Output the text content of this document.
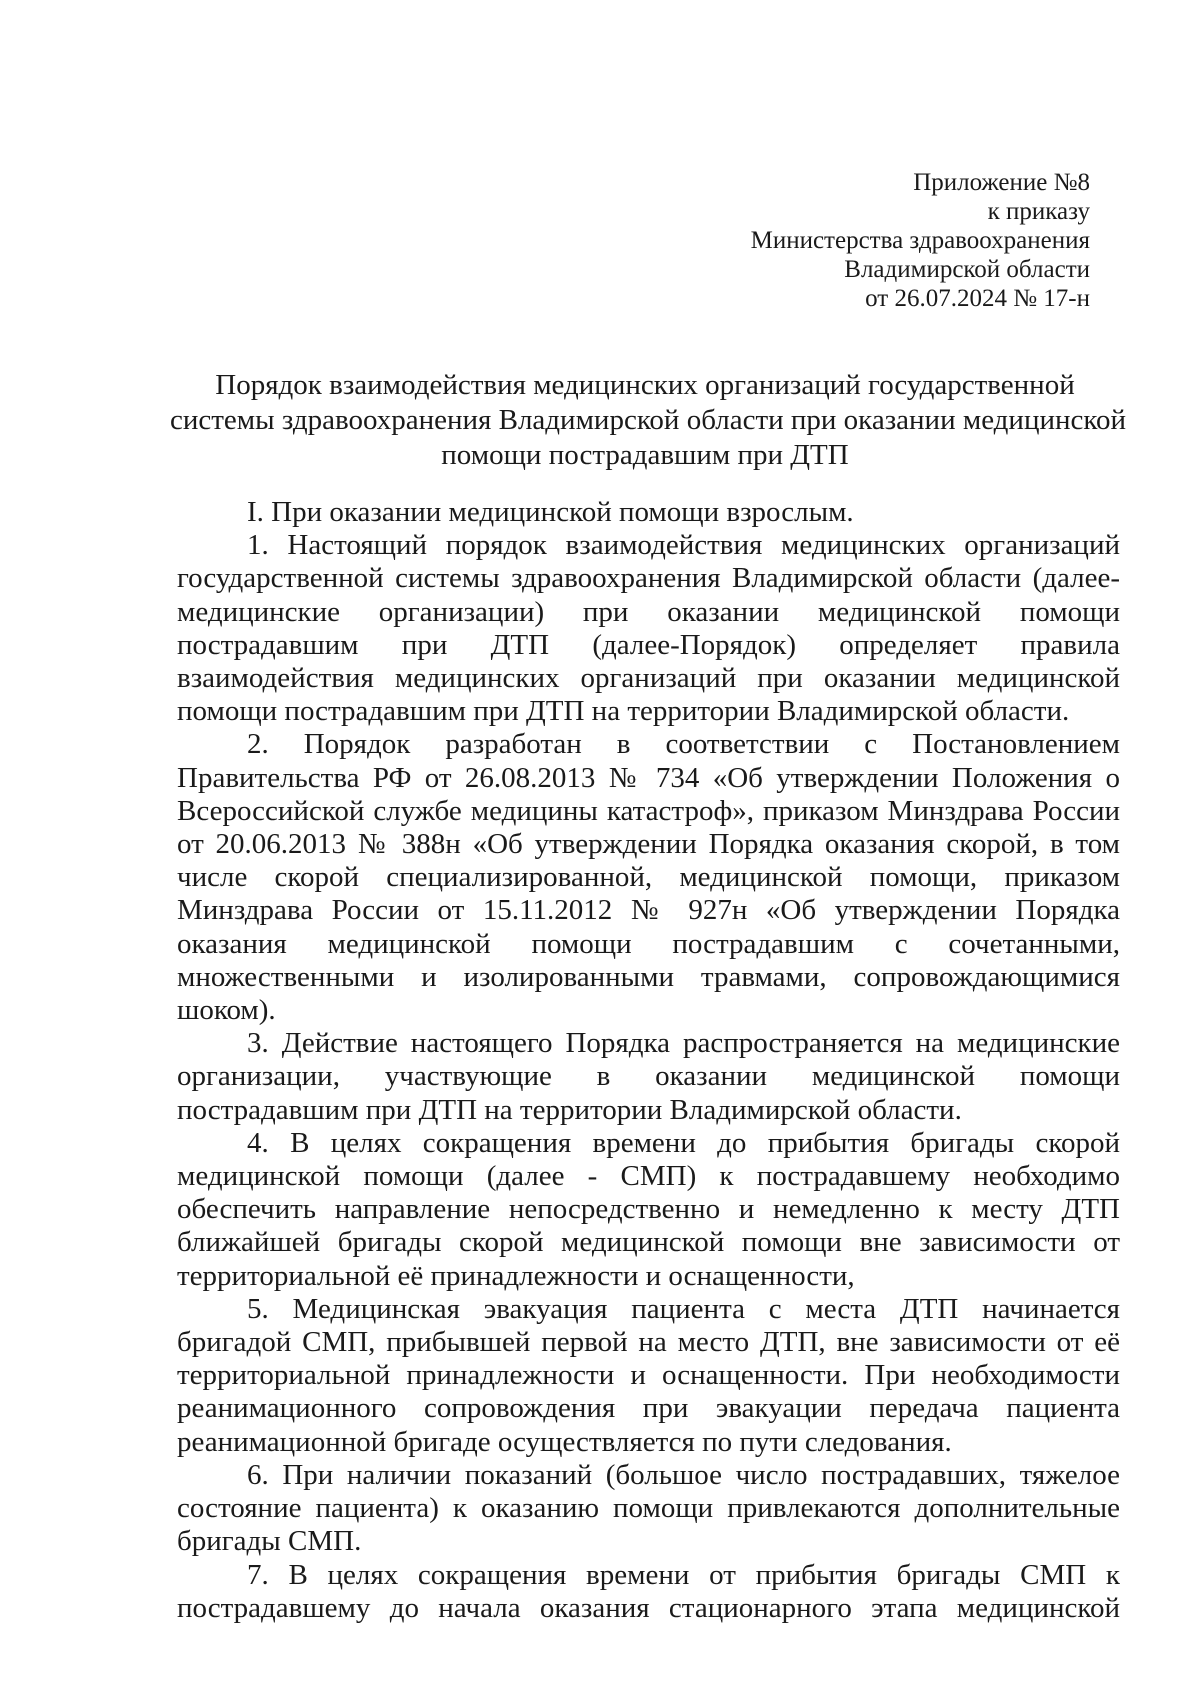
Приложение №8
к приказу
Министерства здравоохранения
Владимирской области
от 26.07.2024 № 17-н
Порядок взаимодействия медицинских организаций государственной
системы здравоохранения Владимирской области при оказании медицинской
помощи пострадавшим при ДТП

I. При оказании медицинской помощи взрослым.

1. Настоящий порядок взаимодействия медицинских организаций государственной системы здравоохранения Владимирской области (далее-медицинские организации) при оказании медицинской помощи пострадавшим при ДТП (далее-Порядок) определяет правила взаимодействия медицинских организаций при оказании медицинской помощи пострадавшим при ДТП на территории Владимирской области.

2. Порядок разработан в соответствии с Постановлением Правительства РФ от 26.08.2013 № 734 «Об утверждении Положения о Всероссийской службе медицины катастроф», приказом Минздрава России от 20.06.2013 № 388н «Об утверждении Порядка оказания скорой, в том числе скорой специализированной, медицинской помощи, приказом Минздрава России от 15.11.2012 № 927н «Об утверждении Порядка оказания медицинской помощи пострадавшим с сочетанными, множественными и изолированными травмами, сопровождающимися шоком).

3. Действие настоящего Порядка распространяется на медицинские организации, участвующие в оказании медицинской помощи пострадавшим при ДТП на территории Владимирской области.

4. В целях сокращения времени до прибытия бригады скорой медицинской помощи (далее - СМП) к пострадавшему необходимо обеспечить направление непосредственно и немедленно к месту ДТП ближайшей бригады скорой медицинской помощи вне зависимости от территориальной её принадлежности и оснащенности,

5. Медицинская эвакуация пациента с места ДТП начинается бригадой СМП, прибывшей первой на место ДТП, вне зависимости от её территориальной принадлежности и оснащенности. При необходимости реанимационного сопровождения при эвакуации передача пациента реанимационной бригаде осуществляется по пути следования.

6. При наличии показаний (большое число пострадавших, тяжелое состояние пациента) к оказанию помощи привлекаются дополнительные бригады СМП.

7. В целях сокращения времени от прибытия бригады СМП к пострадавшему до начала оказания стационарного этапа медицинской
